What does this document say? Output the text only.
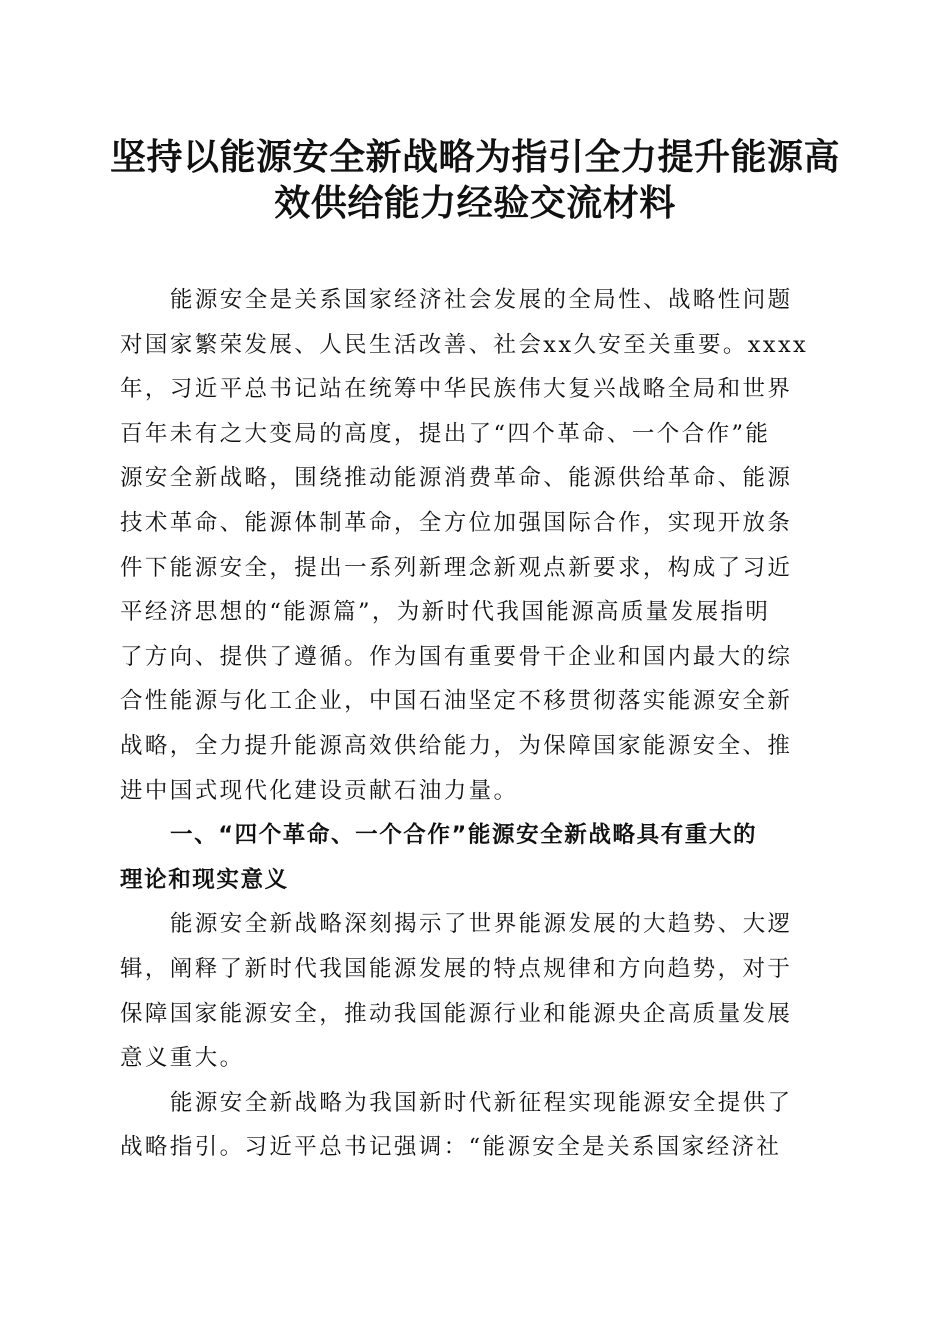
坚持以能源安全新战略为指引全力提升能源高
效供给能力经验交流材料
能源安全是关系国家经济社会发展的全局性、战略性问题
对国家繁荣发展、人民生活改善、社会xx久安至关重要。xxxx
年，习近平总书记站在统筹中华民族伟大复兴战略全局和世界
百年未有之大变局的高度，提出了“四个革命、一个合作”能
源安全新战略，围绕推动能源消费革命、能源供给革命、能源
技术革命、能源体制革命，全方位加强国际合作，实现开放条
件下能源安全，提出一系列新理念新观点新要求，构成了习近
平经济思想的“能源篇”，为新时代我国能源高质量发展指明
了方向、提供了遵循。作为国有重要骨干企业和国内最大的综
合性能源与化工企业，中国石油坚定不移贯彻落实能源安全新
战略，全力提升能源高效供给能力，为保障国家能源安全、推
进中国式现代化建设贡献石油力量。
一、“四个革命、一个合作”能源安全新战略具有重大的
理论和现实意义
能源安全新战略深刻揭示了世界能源发展的大趋势、大逻
辑，阐释了新时代我国能源发展的特点规律和方向趋势，对于
保障国家能源安全，推动我国能源行业和能源央企高质量发展
意义重大。
能源安全新战略为我国新时代新征程实现能源安全提供了
战略指引。习近平总书记强调：“能源安全是关系国家经济社
